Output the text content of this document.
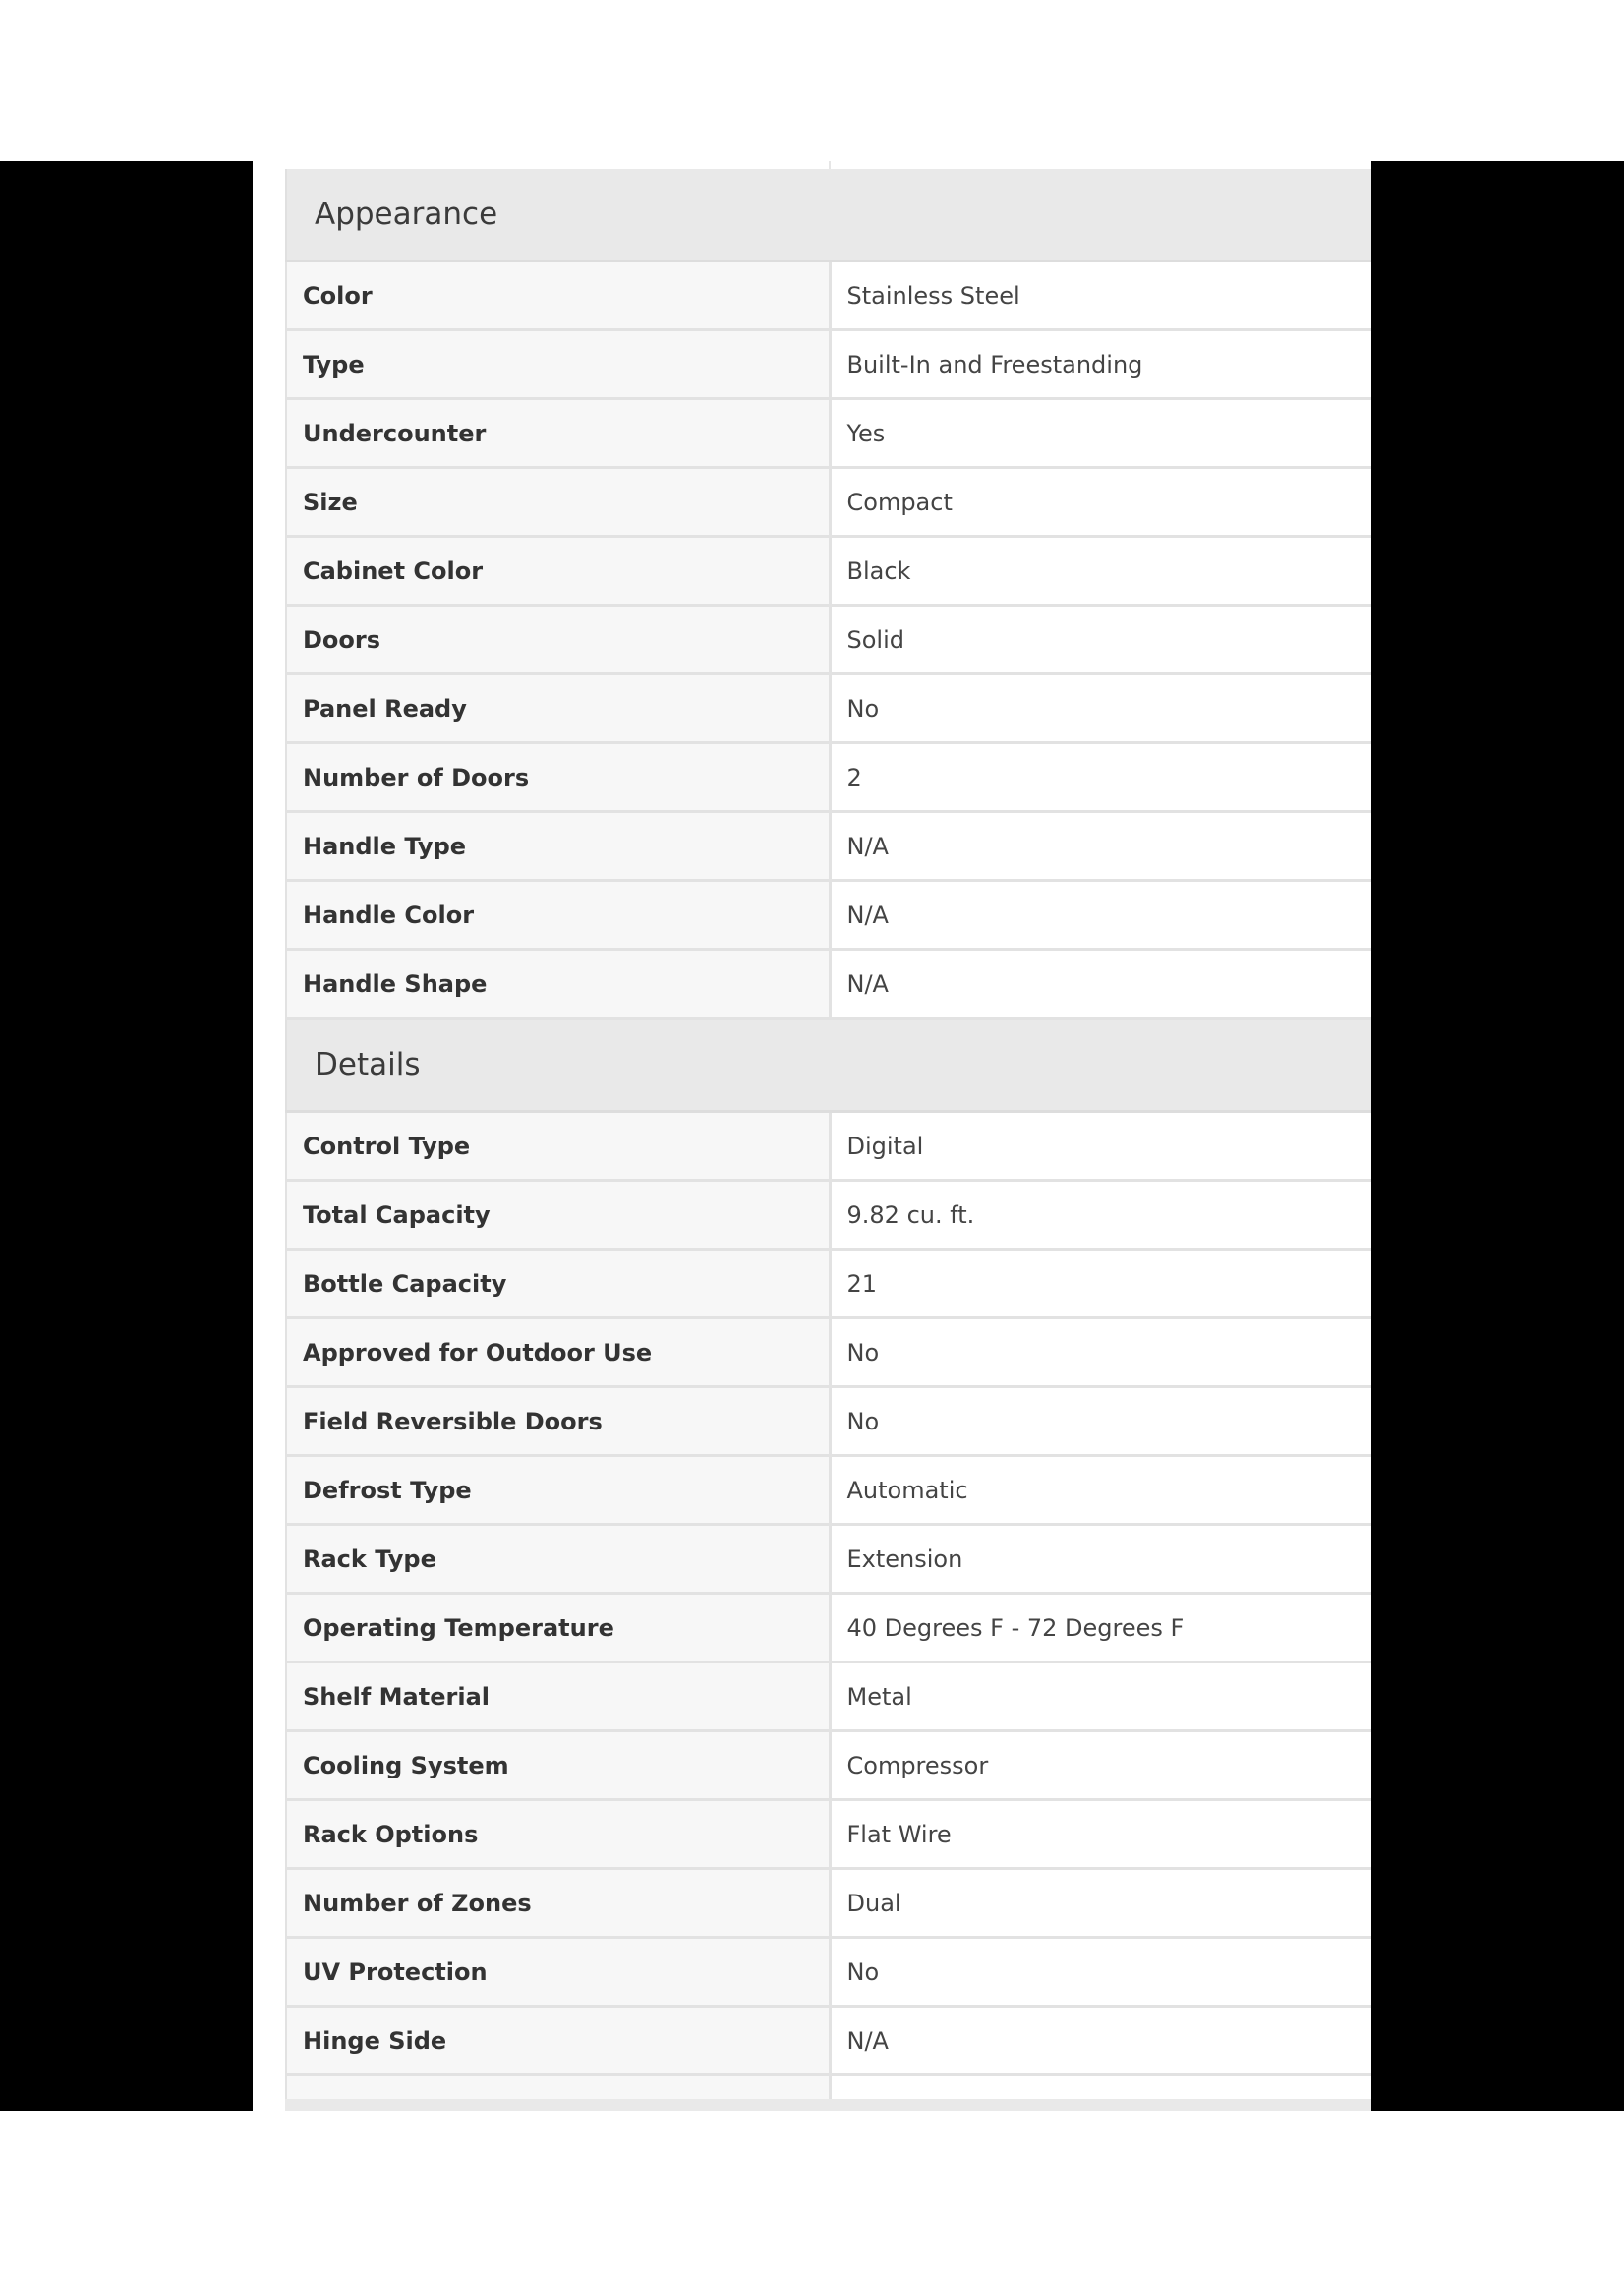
Appearance	
Color	Stainless Steel
Type	Built-In and Freestanding
Undercounter	Yes
Size	Compact
Cabinet Color	Black
Doors	Solid
Panel Ready	No
Number of Doors	2
Handle Type	N/A
Handle Color	N/A
Handle Shape	N/A
Details	
Control Type	Digital
Total Capacity	9.82 cu. ft.
Bottle Capacity	21
Approved for Outdoor Use	No
Field Reversible Doors	No
Defrost Type	Automatic
Rack Type	Extension
Operating Temperature	40 Degrees F - 72 Degrees F
Shelf Material	Metal
Cooling System	Compressor
Rack Options	Flat Wire
Number of Zones	Dual
UV Protection	No
Hinge Side	N/A
